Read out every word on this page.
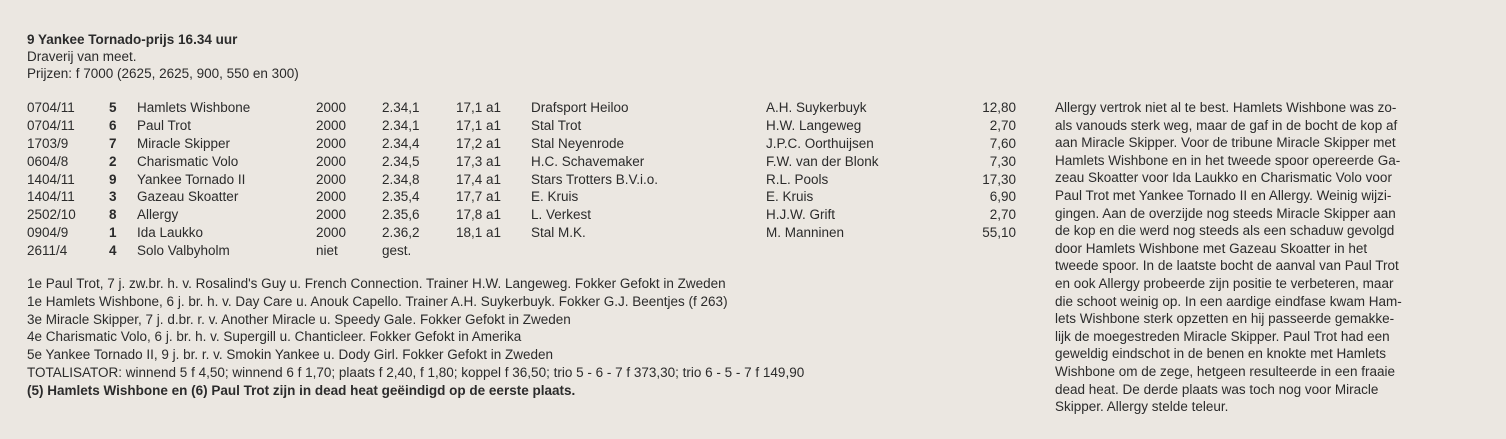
9 Yankee Tornado-prijs 16.34 uur
Draverij van meet.
Prijzen: f 7000 (2625, 2625, 900, 550 en 300)
0704/11	5 Hamlets Wishbone	2000	2.34,1	17,1 a1 Drafsport Heiloo	A.H. Suykerbuyk	12,80
0704/11	6 Paul Trot	2000	2.34,1	17,1 a1 Stal Trot	H.W. Langeweg	2,70
1703/9	7 Miracle Skipper	2000	2.34,4	17,2 a1 Stal Neyenrode	J.P.C. Oorthuijsen	7,60
0604/8	2 Charismatic Volo	2000	2.34,5	17,3 a1 H.C. Schavemaker	F.W. van der Blonk	7,30
1404/11	9 Yankee Tornado II	2000	2.34,8	17,4 a1 Stars Trotters B.V.i.o.	R.L. Pools	17,30
1404/11	3 Gazeau Skoatter	2000	2.35,4	17,7 a1 E. Kruis	E. Kruis	6,90
2502/10 8 Allergy	2000	2.35,6	17,8 a1 L. Verkest	H.J.W. Grift	2,70
0904/9	1 Ida Laukko	2000	2.36,2	18,1 a1 Stal M.K.	M. Manninen	55,10
2611/4	4 Solo Valbyholm	niet	gest.
1e Paul Trot, 7 j. zw.br. h. v. Rosalind's Guy u. French Connection. Trainer H.W. Langeweg. Fokker Gefokt in Zweden
1e Hamlets Wishbone, 6 j. br. h. v. Day Care u. Anouk Capello. Trainer A.H. Suykerbuyk. Fokker G.J. Beentjes (f 263)
3e Miracle Skipper, 7 j. d.br. r. v. Another Miracle u. Speedy Gale. Fokker Gefokt in Zweden
4e Charismatic Volo, 6 j. br. h. v. Supergill u. Chanticleer. Fokker Gefokt in Amerika
5e Yankee Tornado II, 9 j. br. r. v. Smokin Yankee u. Dody Girl. Fokker Gefokt in Zweden
TOTALISATOR: winnend 5 f 4,50; winnend 6 f 1,70; plaats f 2,40, f 1,80; koppel f 36,50; trio 5 - 6 - 7 f 373,30; trio 6 - 5 - 7 f 149,90
(5) Hamlets Wishbone en (6) Paul Trot zijn in dead heat geëindigd op de eerste plaats.
Allergy vertrok niet al te best. Hamlets Wishbone was zo-
als vanouds sterk weg, maar de gaf in de bocht de kop af
aan Miracle Skipper. Voor de tribune Miracle Skipper met
Hamlets Wishbone en in het tweede spoor opereerde Ga-
zeau Skoatter voor Ida Laukko en Charismatic Volo voor
Paul Trot met Yankee Tornado II en Allergy. Weinig wijzi-
gingen. Aan de overzijde nog steeds Miracle Skipper aan
de kop en die werd nog steeds als een schaduw gevolgd
door Hamlets Wishbone met Gazeau Skoatter in het
tweede spoor. In de laatste bocht de aanval van Paul Trot
en ook Allergy probeerde zijn positie te verbeteren, maar
die schoot weinig op. In een aardige eindfase kwam Ham-
lets Wishbone sterk opzetten en hij passeerde gemakke-
lijk de moegestreden Miracle Skipper. Paul Trot had een
geweldig eindschot in de benen en knokte met Hamlets
Wishbone om de zege, hetgeen resulteerde in een fraaie
dead heat. De derde plaats was toch nog voor Miracle
Skipper. Allergy stelde teleur.
